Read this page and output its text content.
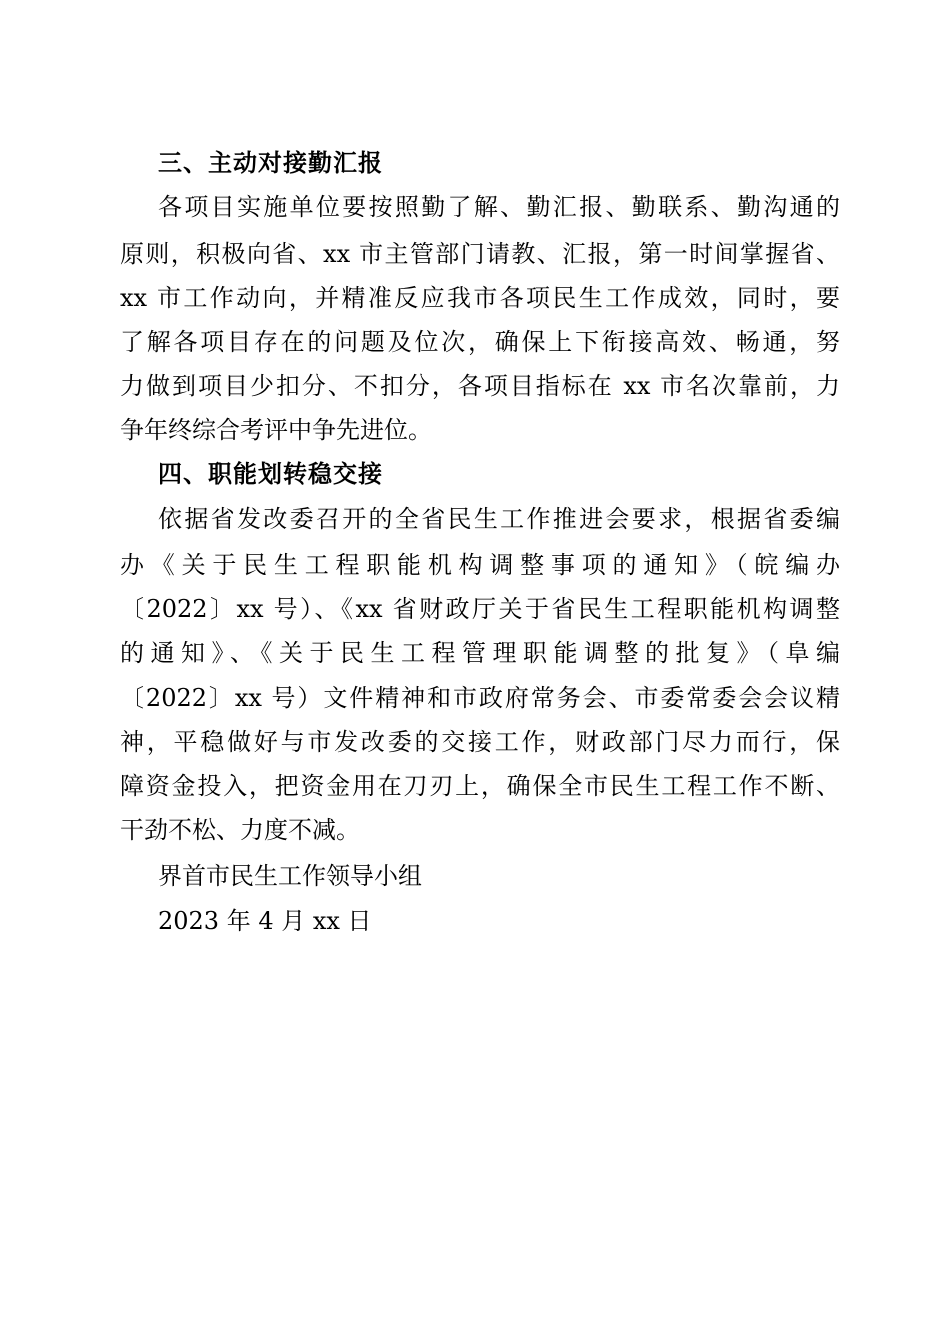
三、主动对接勤汇报
各项目实施单位要按照勤了解、勤汇报、勤联系、勤沟通的
原则，积极向省、xx 市主管部门请教、汇报，第一时间掌握省、
xx 市工作动向，并精准反应我市各项民生工作成效，同时，要
了解各项目存在的问题及位次，确保上下衔接高效、畅通，努
力做到项目少扣分、不扣分，各项目指标在 xx 市名次靠前，力
争年终综合考评中争先进位。
四、职能划转稳交接
依据省发改委召开的全省民生工作推进会要求，根据省委编
办《关于民生工程职能机构调整事项的通知》（皖编办
〔2022〕xx 号）、《xx 省财政厅关于省民生工程职能机构调整
的通知》、《关于民生工程管理职能调整的批复》（阜编
〔2022〕xx 号）文件精神和市政府常务会、市委常委会会议精
神，平稳做好与市发改委的交接工作，财政部门尽力而行，保
障资金投入，把资金用在刀刃上，确保全市民生工程工作不断、
干劲不松、力度不减。
界首市民生工作领导小组
2023 年 4 月 xx 日
